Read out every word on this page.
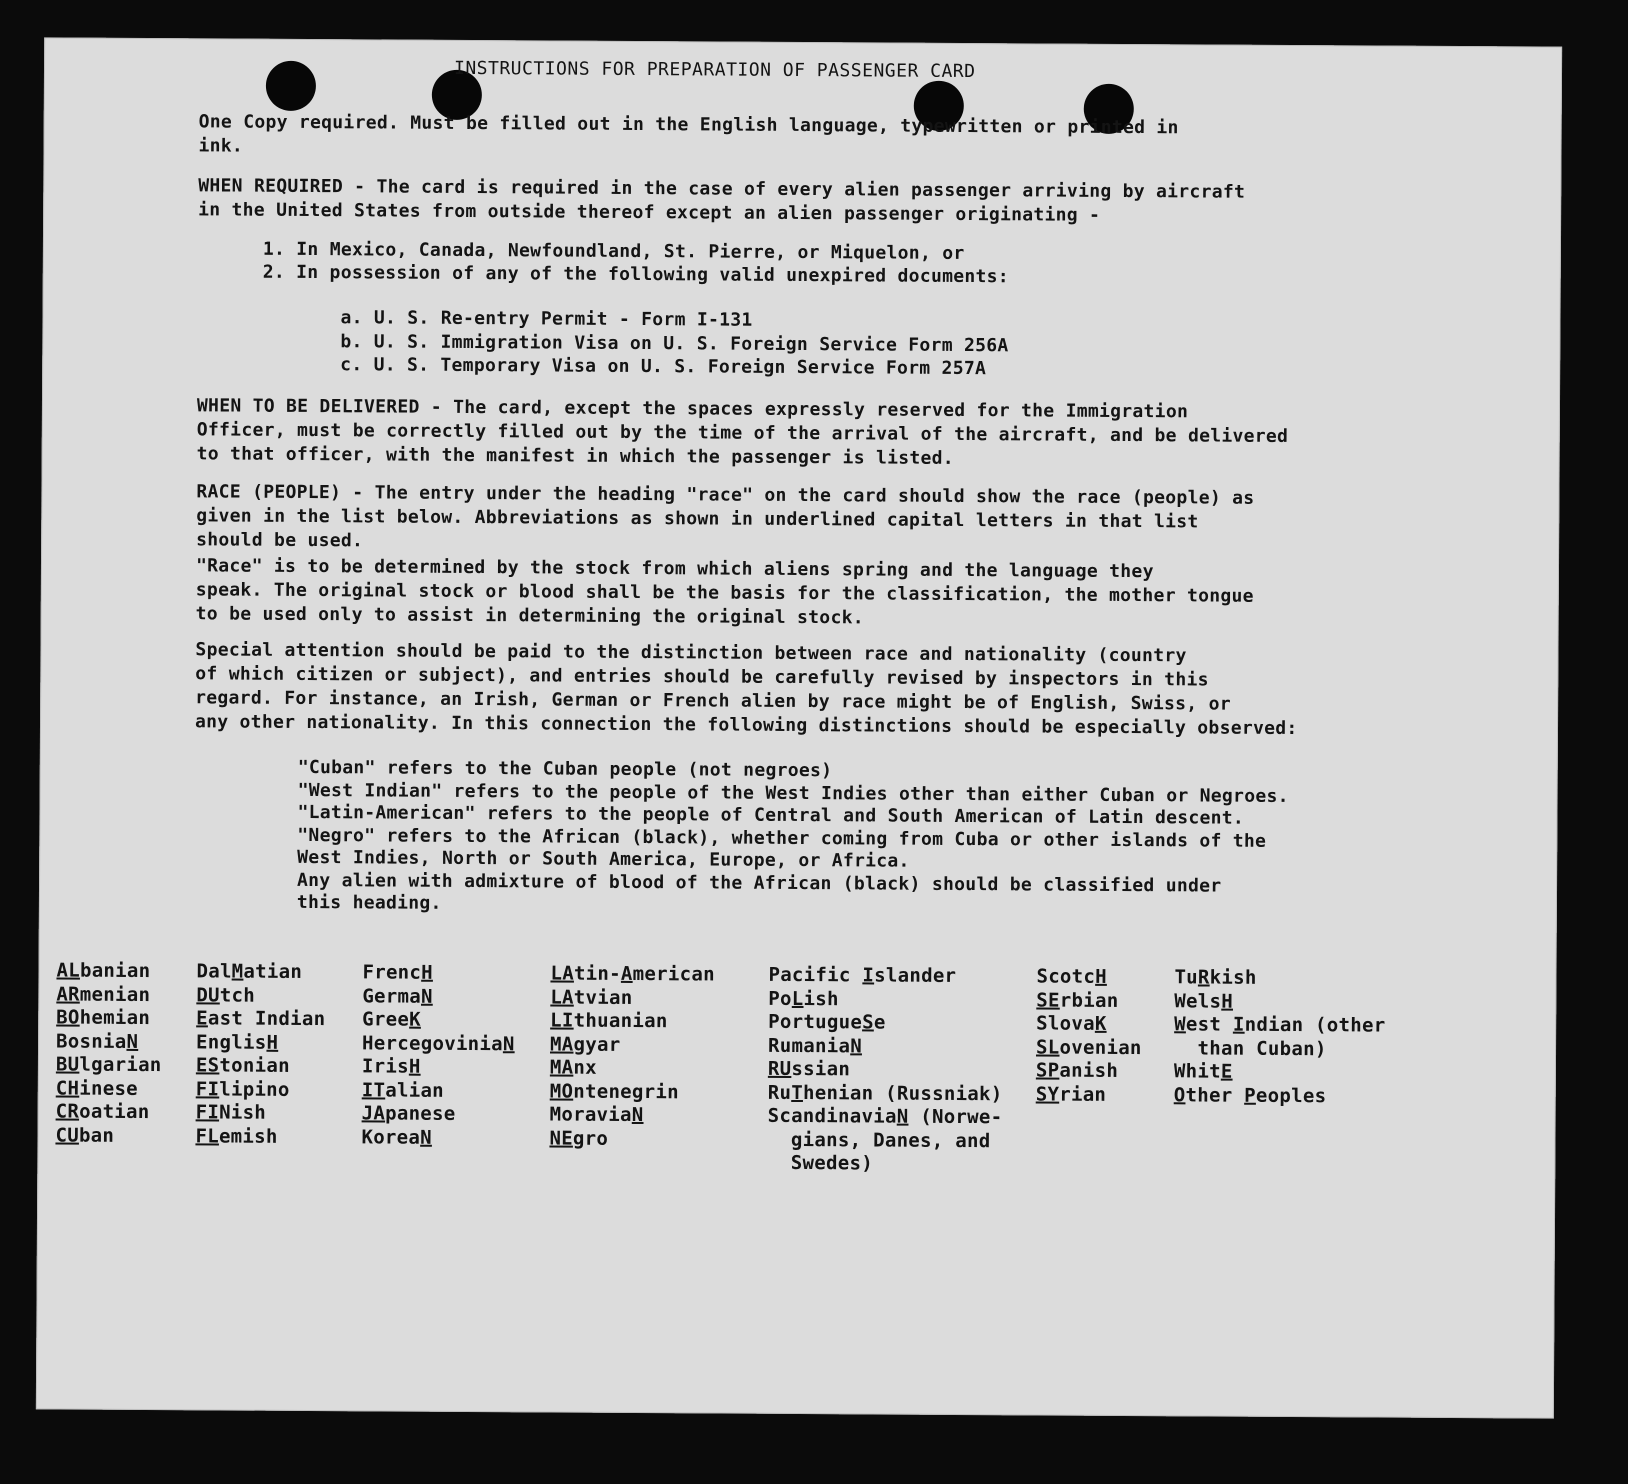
​
INSTRUCTIONS FOR PREPARATION OF PASSENGER CARD
One Copy required. Must be filled out in the English language, typewritten or printed in
ink.
WHEN REQUIRED - The card is required in the case of every alien passenger arriving by aircraft
in the United States from outside thereof except an alien passenger originating -
1. In Mexico, Canada, Newfoundland, St. Pierre, or Miquelon, or
2. In possession of any of the following valid unexpired documents:
a. U. S. Re-entry Permit - Form I-131
b. U. S. Immigration Visa on U. S. Foreign Service Form 256A
c. U. S. Temporary Visa on U. S. Foreign Service Form 257A
WHEN TO BE DELIVERED - The card, except the spaces expressly reserved for the Immigration
Officer, must be correctly filled out by the time of the arrival of the aircraft, and be delivered
to that officer, with the manifest in which the passenger is listed.
RACE (PEOPLE) - The entry under the heading "race" on the card should show the race (people) as
given in the list below. Abbreviations as shown in underlined capital letters in that list
should be used.
"Race" is to be determined by the stock from which aliens spring and the language they
speak. The original stock or blood shall be the basis for the classification, the mother tongue
to be used only to assist in determining the original stock.
Special attention should be paid to the distinction between race and nationality (country
of which citizen or subject), and entries should be carefully revised by inspectors in this
regard. For instance, an Irish, German or French alien by race might be of English, Swiss, or
any other nationality. In this connection the following distinctions should be especially observed:
"Cuban" refers to the Cuban people (not negroes)
"West Indian" refers to the people of the West Indies other than either Cuban or Negroes.
"Latin-American" refers to the people of Central and South American of Latin descent.
"Negro" refers to the African (black), whether coming from Cuba or other islands of the
West Indies, North or South America, Europe, or Africa.
Any alien with admixture of blood of the African (black) should be classified under
this heading.
ALbanian
ARmenian
BOhemian
BosniaN
BUlgarian
CHinese
CRoatian
CUban
DalMatian
DUtch
East Indian
EnglisH
EStonian
FIlipino
FINish
FLemish
FrencH
GermaN
GreeK
HercegoviniaN
IrisH
ITalian
JApanese
KoreaN
LAtin-American
LAtvian
LIthuanian
MAgyar
MAnx
MOntenegrin
MoraviaN
NEgro
Pacific Islander
PoLish
PortugueSe
RumaniaN
RUssian
RuThenian (Russniak)
ScandinaviaN (Norwe-
gians, Danes, and
Swedes)
ScotcH
SErbian
SlovaK
SLovenian
SPanish
SYrian
TuRkish
WelsH
West Indian (other
than Cuban)
WhitE
Other Peoples
